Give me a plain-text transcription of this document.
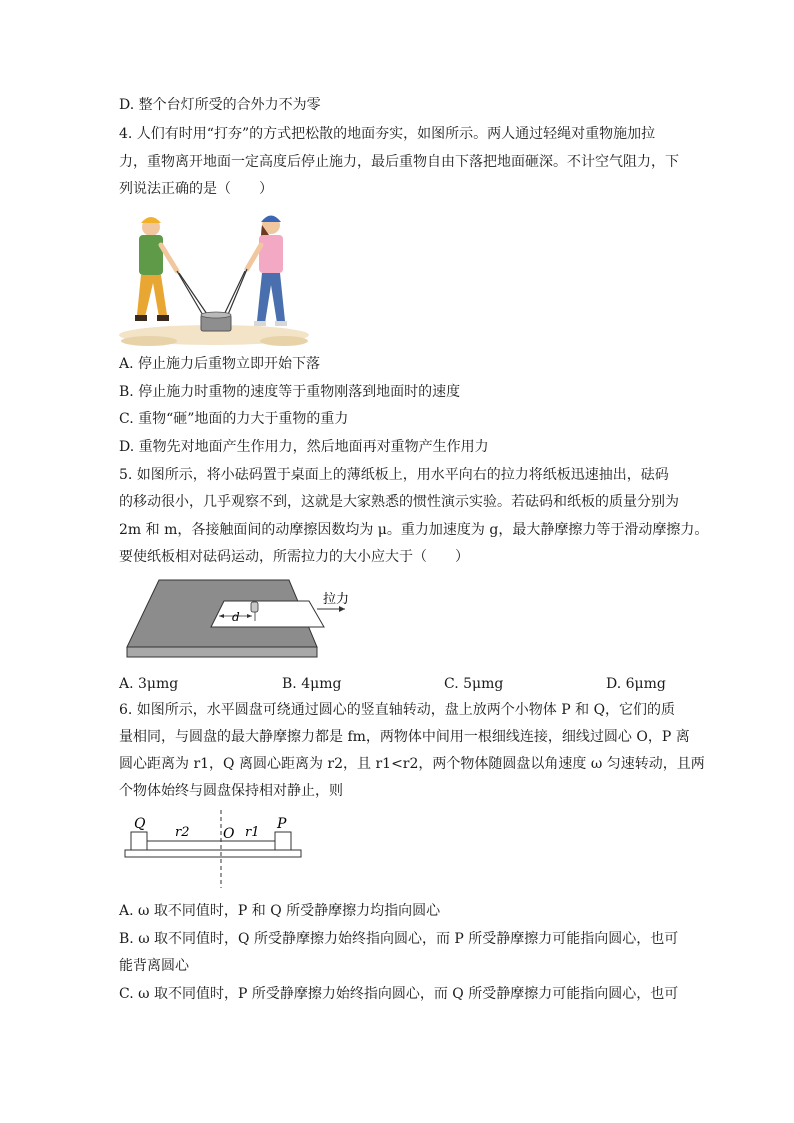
D. 整个台灯所受的合外力不为零
4. 人们有时用“打夯”的方式把松散的地面夯实，如图所示。两人通过轻绳对重物施加拉
力，重物离开地面一定高度后停止施力，最后重物自由下落把地面砸深。不计空气阻力，下
列说法正确的是（　　）
A. 停止施力后重物立即开始下落
B. 停止施力时重物的速度等于重物刚落到地面时的速度
C. 重物“砸”地面的力大于重物的重力
D. 重物先对地面产生作用力，然后地面再对重物产生作用力
5. 如图所示，将小砝码置于桌面上的薄纸板上，用水平向右的拉力将纸板迅速抽出，砝码
的移动很小，几乎观察不到，这就是大家熟悉的惯性演示实验。若砝码和纸板的质量分别为
2m 和 m，各接触面间的动摩擦因数均为 μ。重力加速度为 g，最大静摩擦力等于滑动摩擦力。
要使纸板相对砝码运动，所需拉力的大小应大于（　　）
d
拉力
A. 3μmg	B. 4μmg	C. 5μmg	D. 6μmg
6. 如图所示，水平圆盘可绕通过圆心的竖直轴转动，盘上放两个小物体 P 和 Q，它们的质
量相同，与圆盘的最大静摩擦力都是 fm，两物体中间用一根细线连接，细线过圆心 O，P 离
圆心距离为 r1，Q 离圆心距离为 r2，且 r1<r2，两个物体随圆盘以角速度 ω 匀速转动，且两
个物体始终与圆盘保持相对静止，则
Q
r2 O r1
P
A. ω 取不同值时，P 和 Q 所受静摩擦力均指向圆心
B. ω 取不同值时，Q 所受静摩擦力始终指向圆心，而 P 所受静摩擦力可能指向圆心，也可
能背离圆心
C. ω 取不同值时，P 所受静摩擦力始终指向圆心，而 Q 所受静摩擦力可能指向圆心，也可
